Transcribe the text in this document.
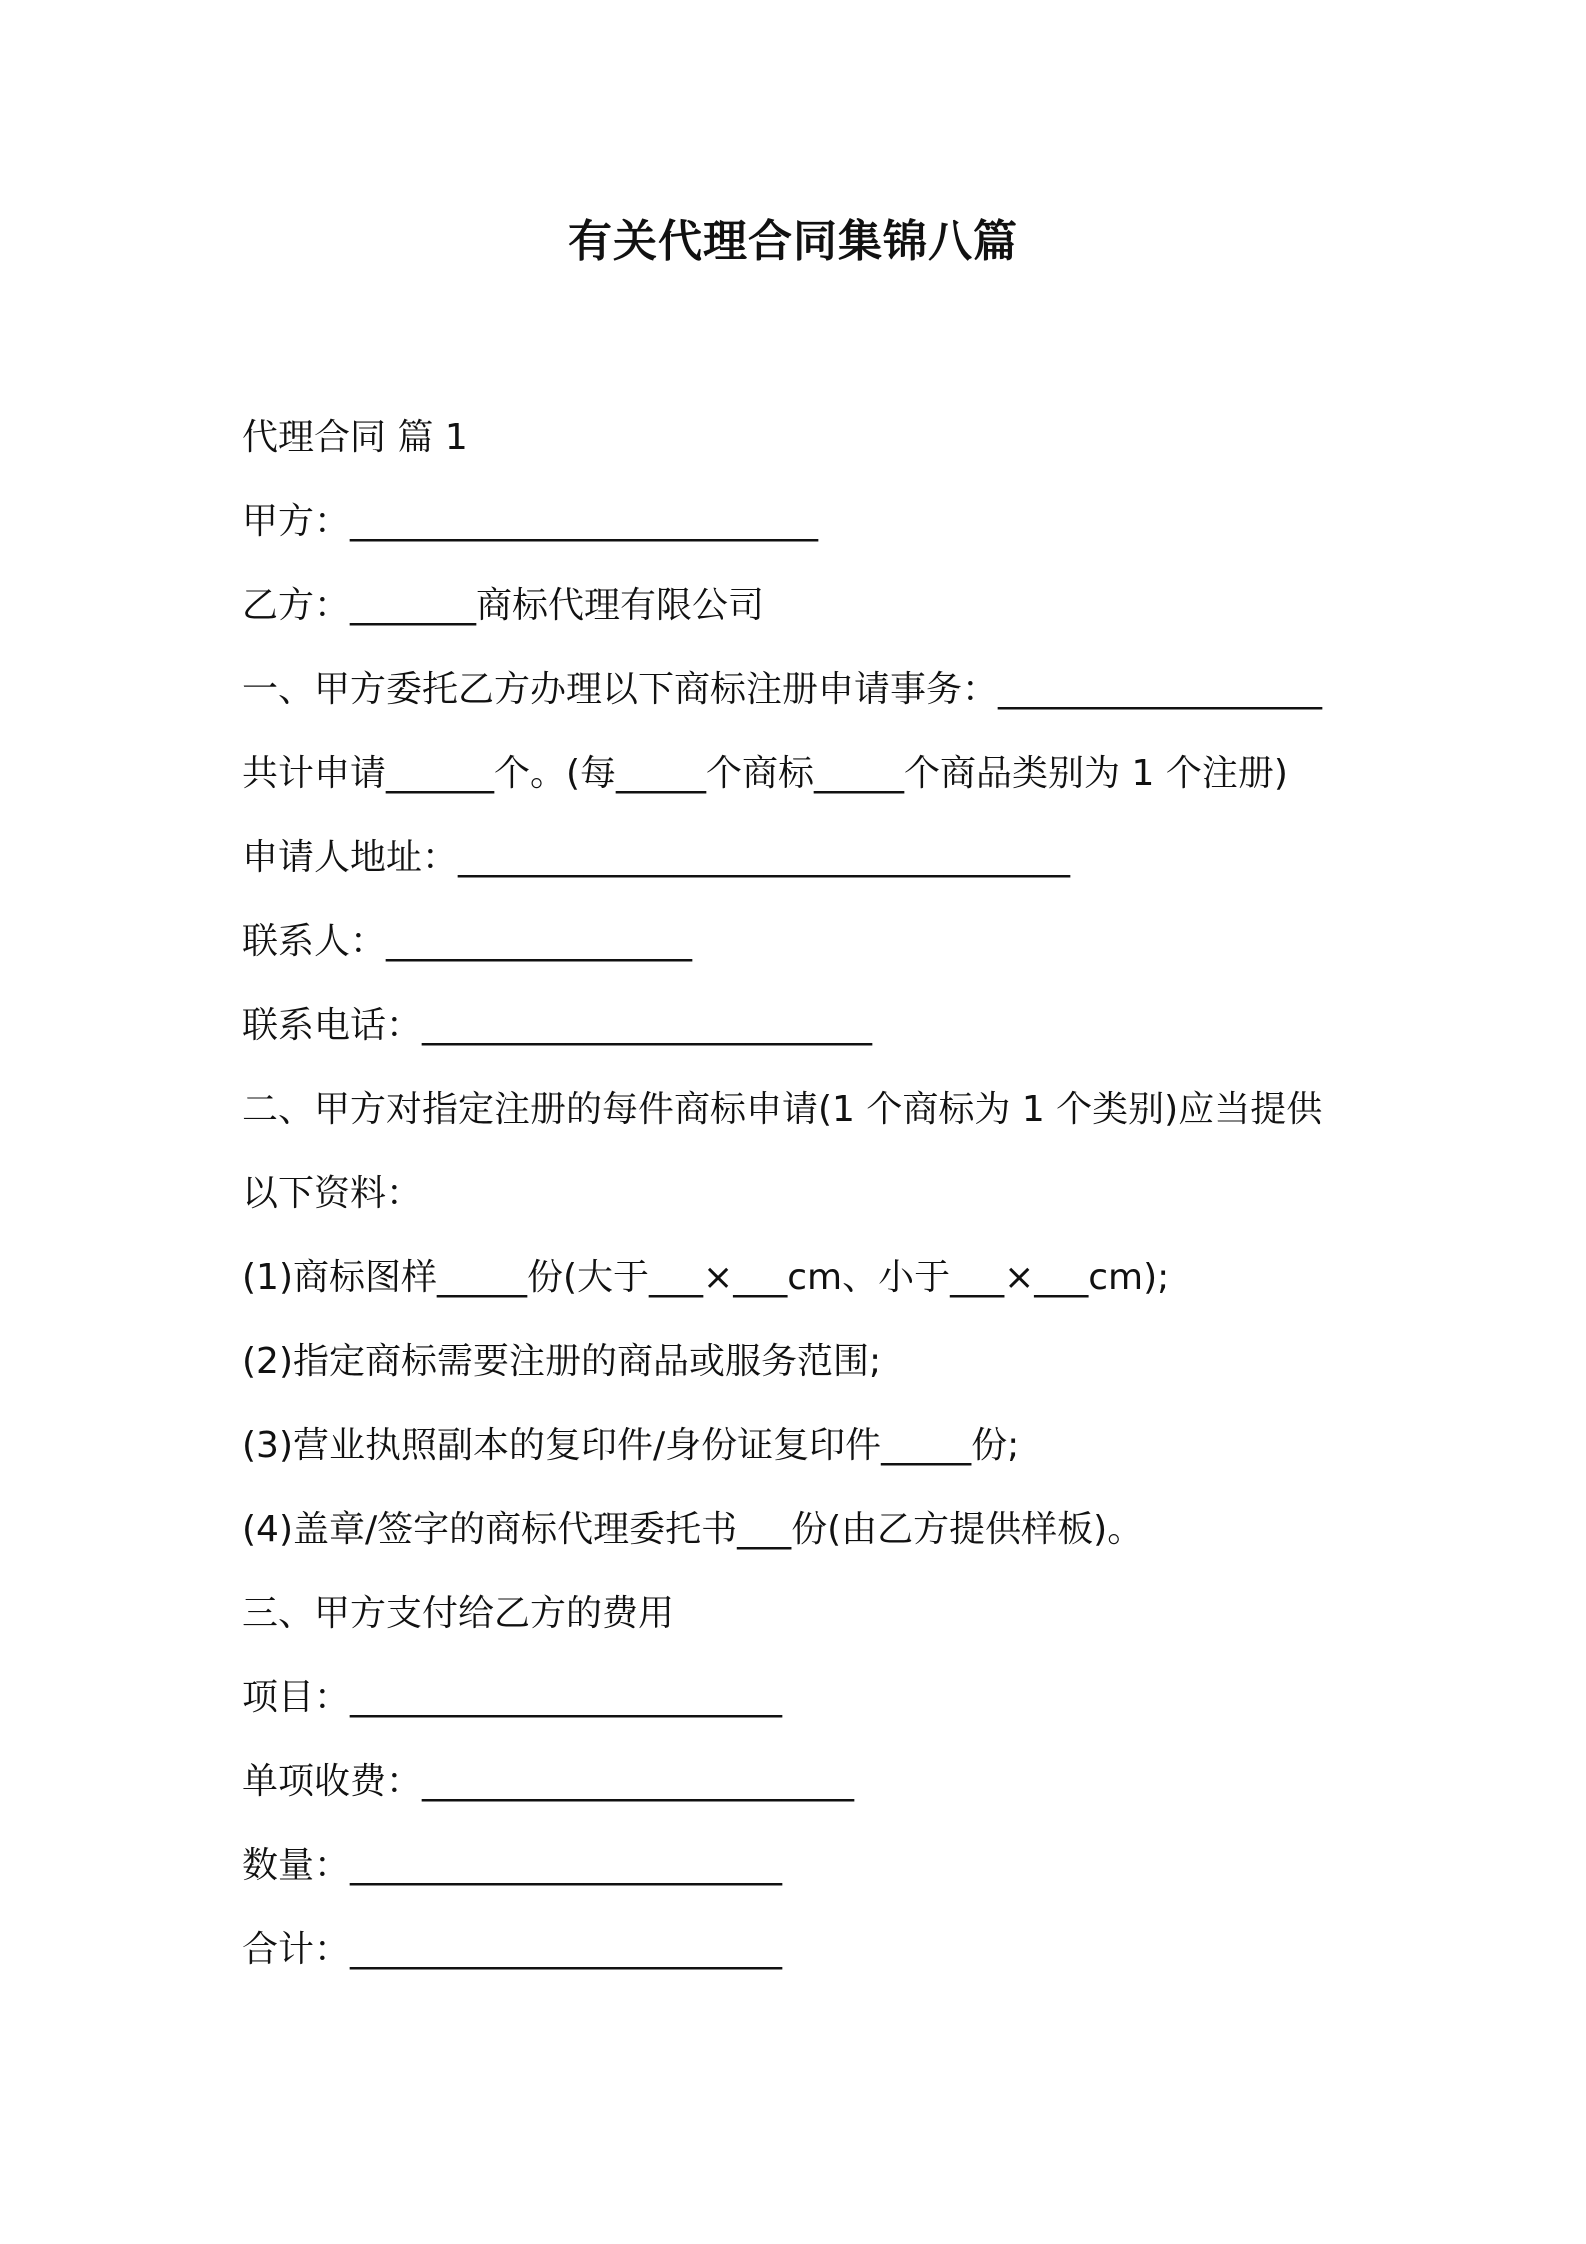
有关代理合同集锦八篇
代理合同 篇 1
甲方：__________________________
乙方：_______商标代理有限公司
一、甲方委托乙方办理以下商标注册申请事务：__________________
共计申请______个。(每_____个商标_____个商品类别为 1 个注册)
申请人地址：__________________________________
联系人：_________________
联系电话：_________________________
二、甲方对指定注册的每件商标申请(1 个商标为 1 个类别)应当提供
以下资料：
(1)商标图样_____份(大于___×___cm、小于___×___cm);
(2)指定商标需要注册的商品或服务范围;
(3)营业执照副本的复印件/身份证复印件_____份;
(4)盖章/签字的商标代理委托书___份(由乙方提供样板)。
三、甲方支付给乙方的费用
项目：________________________
单项收费：________________________
数量：________________________
合计：________________________
